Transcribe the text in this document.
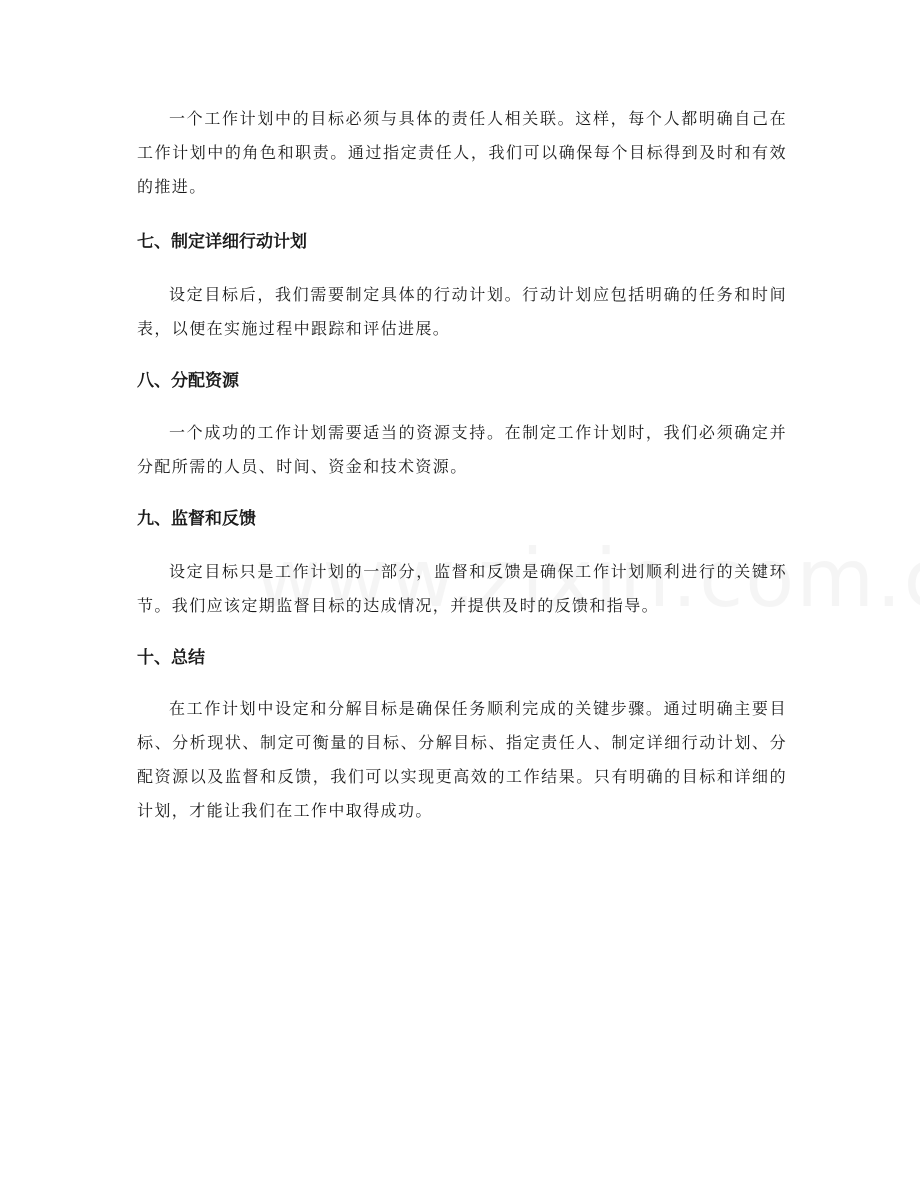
一个工作计划中的目标必须与具体的责任人相关联。这样，每个人都明确自己在工作计划中的角色和职责。通过指定责任人，我们可以确保每个目标得到及时和有效的推进。

七、制定详细行动计划

设定目标后，我们需要制定具体的行动计划。行动计划应包括明确的任务和时间表，以便在实施过程中跟踪和评估进展。

八、分配资源

一个成功的工作计划需要适当的资源支持。在制定工作计划时，我们必须确定并分配所需的人员、时间、资金和技术资源。

九、监督和反馈

设定目标只是工作计划的一部分，监督和反馈是确保工作计划顺利进行的关键环节。我们应该定期监督目标的达成情况，并提供及时的反馈和指导。

十、总结

在工作计划中设定和分解目标是确保任务顺利完成的关键步骤。通过明确主要目标、分析现状、制定可衡量的目标、分解目标、指定责任人、制定详细行动计划、分配资源以及监督和反馈，我们可以实现更高效的工作结果。只有明确的目标和详细的计划，才能让我们在工作中取得成功。
